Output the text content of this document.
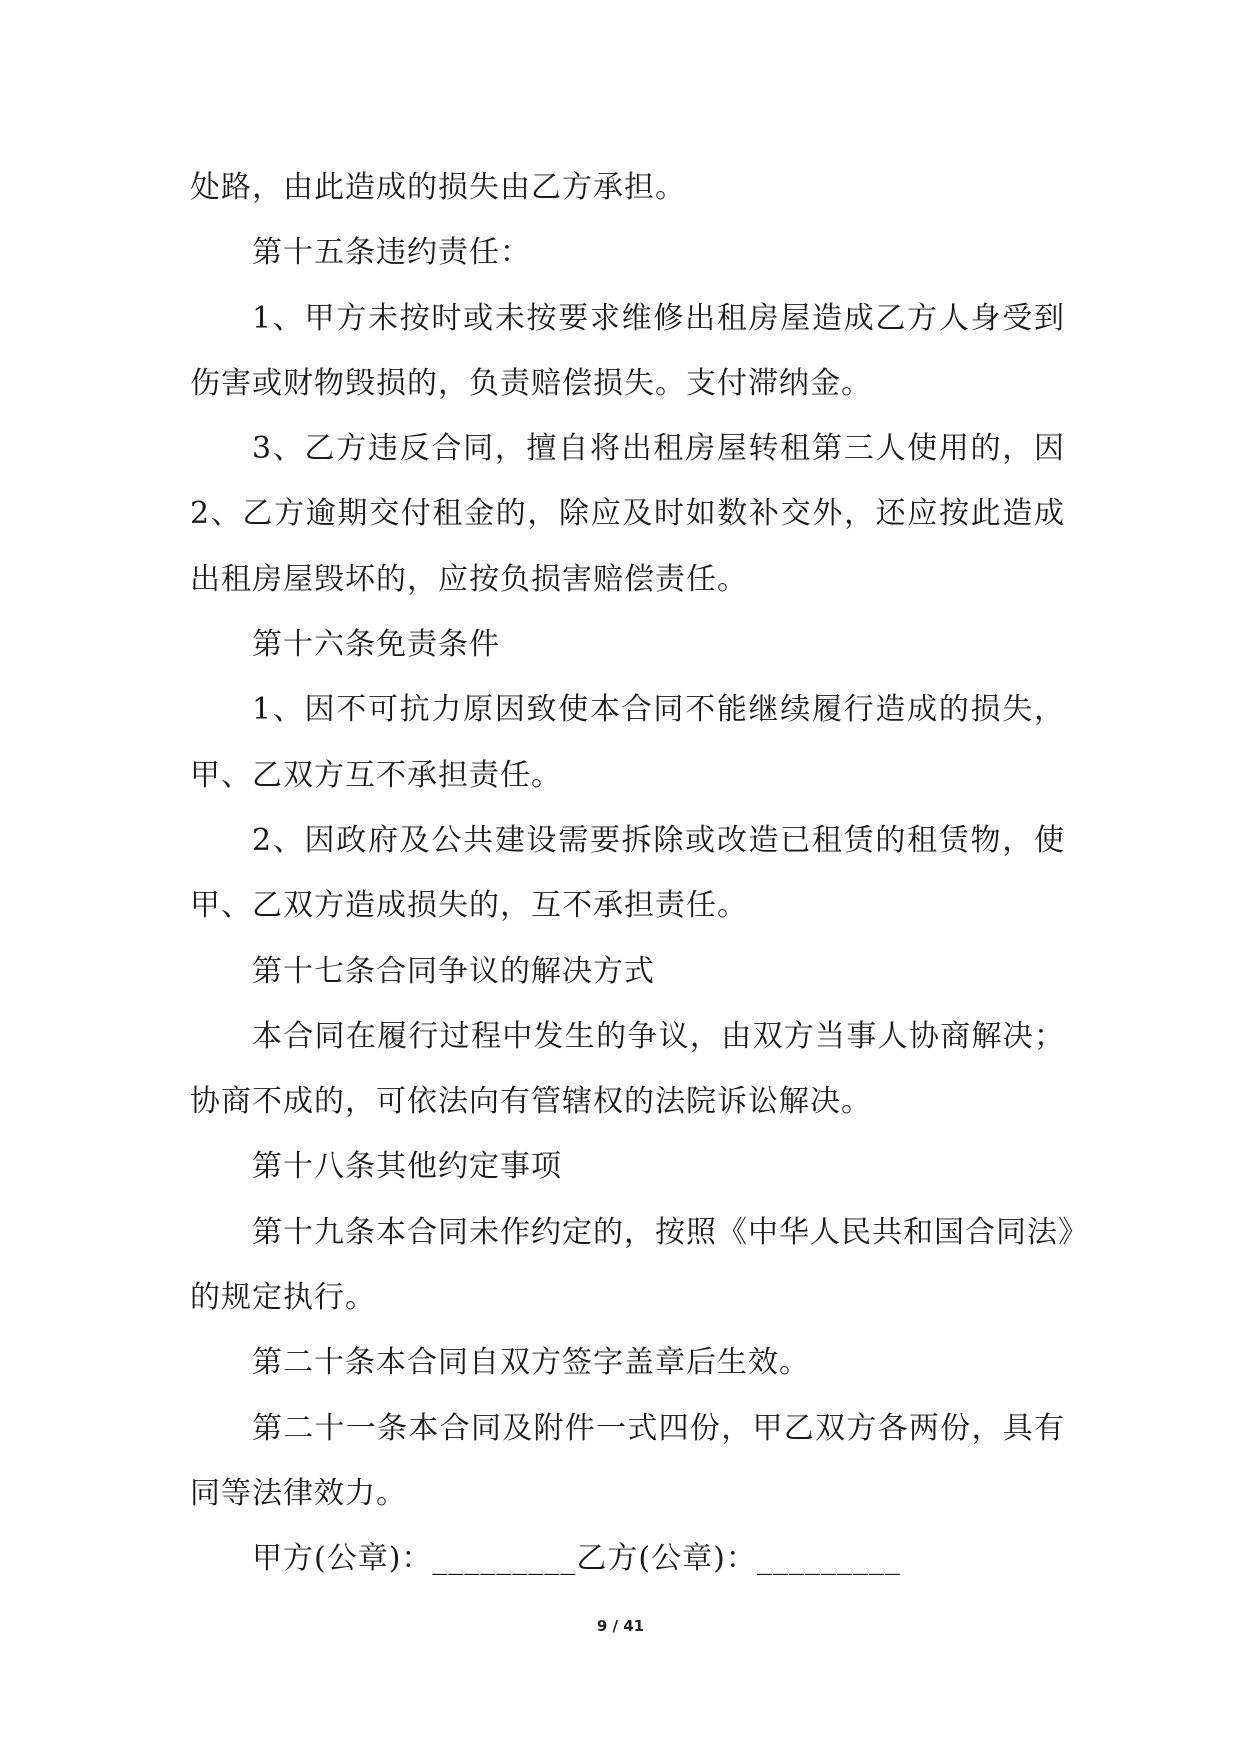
处路，由此造成的损失由乙方承担。
第十五条违约责任：
1、甲方未按时或未按要求维修出租房屋造成乙方人身受到
伤害或财物毁损的，负责赔偿损失。支付滞纳金。
3、乙方违反合同，擅自将出租房屋转租第三人使用的，因
2、乙方逾期交付租金的，除应及时如数补交外，还应按此造成
出租房屋毁坏的，应按负损害赔偿责任。
第十六条免责条件
1、因不可抗力原因致使本合同不能继续履行造成的损失，
甲、乙双方互不承担责任。
2、因政府及公共建设需要拆除或改造已租赁的租赁物，使
甲、乙双方造成损失的，互不承担责任。
第十七条合同争议的解决方式
本合同在履行过程中发生的争议，由双方当事人协商解决；
协商不成的，可依法向有管辖权的法院诉讼解决。
第十八条其他约定事项
第十九条本合同未作约定的，按照《中华人民共和国合同法》
的规定执行。
第二十条本合同自双方签字盖章后生效。
第二十一条本合同及附件一式四份，甲乙双方各两份，具有
同等法律效力。
甲方(公章)：_________乙方(公章)：_________
9 / 41
